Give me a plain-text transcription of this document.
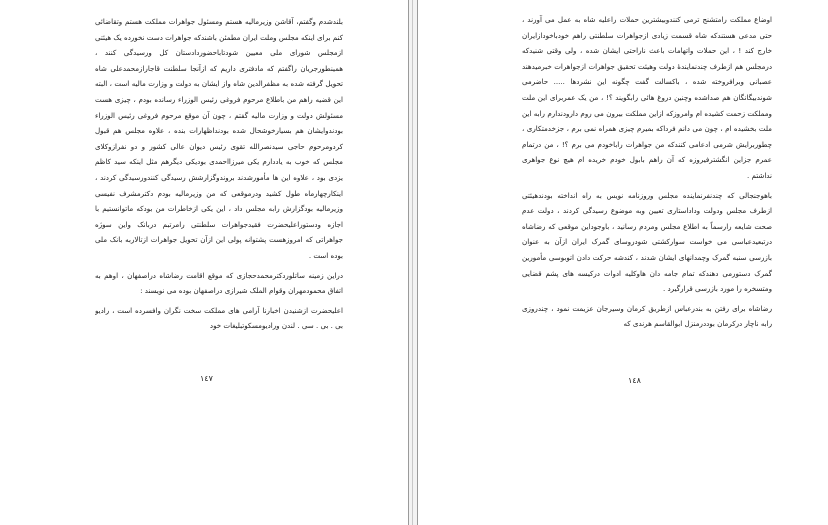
بلندشدم وگفتم، آقاشن وزیرمالیه هستم ومسئول جواهرات مملکت هستم وتقاضائی کنم برای اینکه مجلس وملت ایران مطمئن باشندکه جواهرات دست نخورده یک هیئتی ازمجلس شورای ملی معیین شودتاباحضوردادستان کل ورسیدگی کنند ، همینطورجریان راگفتم که مادفتری داریم که ازآنجا سلطنت قاجارازمحمدعلی شاه تحویل گرفته شده به مظفرالدین شاه واز ایشان به دولت و وزارت مالیه است ، البته این قضیه راهم من باطلاع مرحوم فروغی رئیس الوزراء رسانده بودم ، چیزی هست مسئولش دولت و وزارت مالیه گفتم ، چون آن موقع مرحوم فروغی رئیس الوزراء بودندوایشان هم بسیارخوشحال شده بودنداظهارات بنده ، علاوه مجلس هم قبول کردومرحوم حاجی سیدنصرالله تقوی رئیس دیوان عالی کشور و دو نفرازوکلای مجلس که خوب به یاددارم یکی میرزااحمدی بودیکی دیگرهم مثل اینکه سید کاظم یزدی بود ، علاوه این ها مأمورشدند بروندوگزارشش رسیدگی کنندورسیدگی کردند ، اینکارچهارماه طول کشید ودرموقعی که من وزیرمالیه بودم دکترمشرف نفیسی وزیرمالیه بودگزارش رابه مجلس داد ، این یکی ازخاطرات من بودکه ماتوانستیم با اجازه ودستوراعلیحضرت فقیدجواهرات سلطنتی رامرتبم دربانک واین سوژه جواهراتی که امروزهست پشتوانه پولی این ازآن تحویل جواهرات ازتالاربه بانک ملی بوده است .

دراین زمینه ساتلوردکترمحمدحجازی که موقع اقامت رضاشاه دراصفهان ، اوهم به اتفاق محمودمهران وقوام الملک شیرازی دراصفهان بوده می نویسند :

اعلیحضرت ازشنیدن اخبارنا آرامی های مملکت سخت نگران وافسرده است ، رادیو بی . بی . سی . لندن ورادیومسکوتبلیغات خود

١٤٧

اوضاع مملکت رامتشنج ترمی کنندوبیشترین حملات راعلیه شاه به عمل می آورند ، حتی مدعی هستندکه شاه قسمت زیادی ازجواهرات سلطنتی راهم خودباخودازایران خارج کند ! ، این حملات واتهامات باعث ناراحتی ایشان شده ، ولی وقتی شنیدکه درمجلس هم ازطرف چندنمایندۀ دولت وهیئت تحقیق جواهرات ازجواهرات خبرمیدهند عصبانی وبرافروخته شده ، باکسالت گفت چگونه این نشردها ..... حاضرمی شوندبیگانگان هم صداشده وچنین دروغ هائی رابگویند ؟! ، من یک عمربرای این ملت ومملکت زحمت کشیده ام وامروزکه ازاین مملکت بیرون می روم دارودندارم رابه این ملت بخشیده ام ، چون می دانم فرداکه بمیرم چیزی همراه نمی برم ، جزخدمتکاری ، چطوربرایش شرمی ادعامی کنندکه من جواهرات راباخودم می برم ؟! ، من درتمام عمرم جزاین انگشترفیروزه که آن راهم بابول خودم خریده ام هیچ نوع جواهری نداشتم .

باهوجنجالی که چندنفرنماینده مجلس وروزنامه نویس به راه انداخته بودندهیئتی ازطرف مجلس ودولت وداداستاری تعیین وبه موضوع رسیدگی کردند ، دولت عدم صحت شایعه رارسماً به اطلاع مجلس ومردم رسانید ، باوجوداین موقعی که رضاشاه درتبعیدعباسی می خواست سوارکشتی شودروسای گمرک ایران ازآن به عنوان بازرسی سنبه گمرک وچمدانهای ایشان شدند ، کندشه حرکت دادن اتوبوسی مأمورین گمرک دستورمی دهندکه تمام جامه دان هاوکلیه ادوات درکیسه های پشم قضایی ومتسخره را مورد بازرسی قرارگیرد .

رضاشاه برای رفتن به بندرعباس ازطریق کرمان وسیرجان عزیمت نمود ، چندروزی رابه ناچار درکرمان بوددرمنزل ابوالقاسم هرندی که

١٤٨
